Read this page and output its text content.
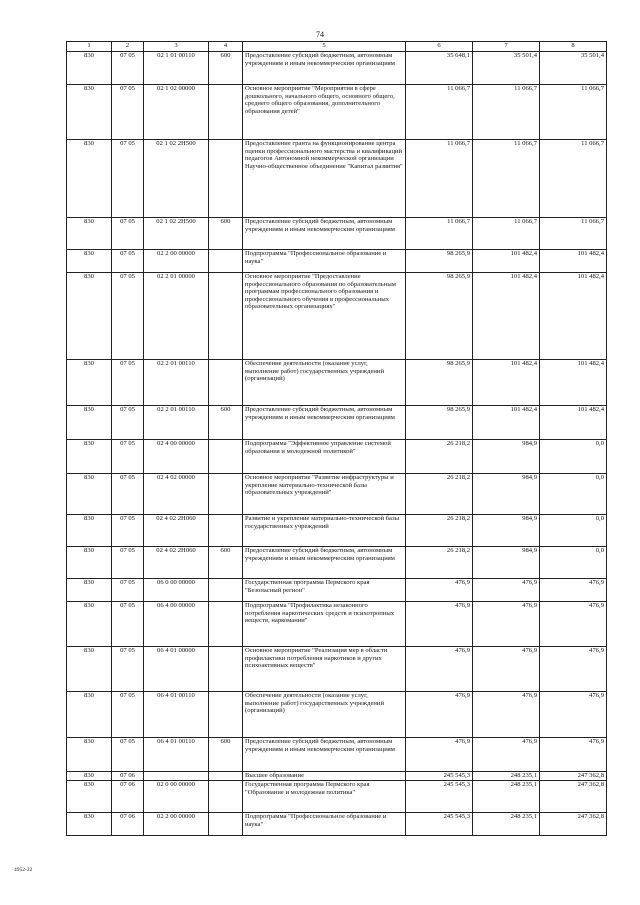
74
1	2	3	4	5	6	7	8
830	07 05	02 1 01 00110	600	Предоставление субсидий бюджетным, автономным учреждениям и иным некоммерческим организациям	35 648,1	35 501,4	35 501,4
830	07 05	02 1 02 00000		Основное мероприятие "Мероприятия в сфере дошкольного, начального общего, основного общего, среднего общего образования, дополнительного образования детей"	11 066,7	11 066,7	11 066,7
830	07 05	02 1 02 2Н500		Предоставление гранта на функционирование центра оценки профессионального мастерства и квалификаций педагогов Автономной некоммерческой организации Научно-общественное объединение "Капитал развития"	11 066,7	11 066,7	11 066,7
830	07 05	02 1 02 2Н500	600	Предоставление субсидий бюджетным, автономным учреждениям и иным некоммерческим организациям	11 066,7	11 066,7	11 066,7
830	07 05	02 2 00 00000		Подпрограмма "Профессиональное образование и наука"	98 265,9	101 482,4	101 482,4
830	07 05	02 2 01 00000		Основное мероприятие "Предоставление профессионального образования по образовательным программам профессионального образования и профессионального обучения в профессиональных образовательных организациях"	98 265,9	101 482,4	101 482,4
830	07 05	02 2 01 00110		Обеспечение деятельности (оказание услуг, выполнение работ) государственных учреждений (организаций)	98 265,9	101 482,4	101 482,4
830	07 05	02 2 01 00110	600	Предоставление субсидий бюджетным, автономным учреждениям и иным некоммерческим организациям	98 265,9	101 482,4	101 482,4
830	07 05	02 4 00 00000		Подпрограмма "Эффективное управление системой образования и молодежной политикой"	26 218,2	984,9	0,0
830	07 05	02 4 02 00000		Основное мероприятие "Развитие инфраструктуры и укрепление материально-технической базы образовательных учреждений"	26 218,2	984,9	0,0
830	07 05	02 4 02 2Н060		Развитие и укрепление материально-технической базы государственных учреждений	26 218,2	984,9	0,0
830	07 05	02 4 02 2Н060	600	Предоставление субсидий бюджетным, автономным учреждениям и иным некоммерческим организациям	26 218,2	984,9	0,0
830	07 05	06 0 00 00000		Государственная программа Пермского края "Безопасный регион"	476,9	476,9	476,9
830	07 05	06 4 00 00000		Подпрограмма "Профилактика незаконного потребления наркотических средств и психотропных веществ, наркомании"	476,9	476,9	476,9
830	07 05	06 4 01 00000		Основное мероприятие "Реализация мер в области профилактики потребления наркотиков и других психоактивных веществ"	476,9	476,9	476,9
830	07 05	06 4 01 00110		Обеспечение деятельности (оказание услуг, выполнение работ) государственных учреждений (организаций)	476,9	476,9	476,9
830	07 05	06 4 01 00110	600	Предоставление субсидий бюджетным, автономным учреждениям и иным некоммерческим организациям	476,9	476,9	476,9
830	07 06			Высшее образование	245 545,3	248 235,1	247 362,8
830	07 06	02 0 00 00000		Государственная программа Пермского края "Образование и молодежная политика"	245 545,3	248 235,1	247 362,8
830	07 06	02 2 00 00000		Подпрограмма "Профессиональное образование и наука"	245 545,3	248 235,1	247 362,8
4952-22
